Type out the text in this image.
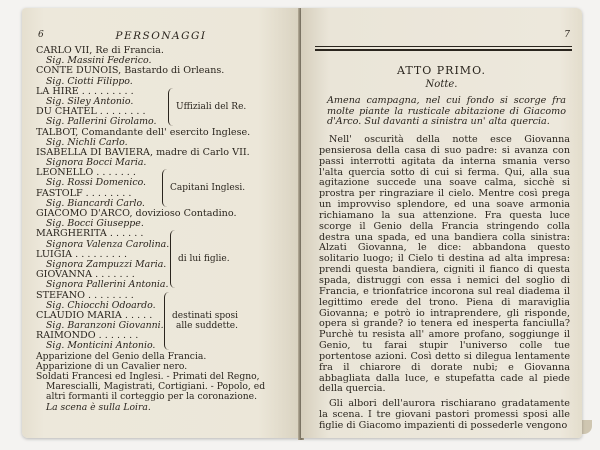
6	PERSONAGGI
CARLO VII, Re di Francia.
Sig. Massini Federico.
CONTE DUNOIS, Bastardo di Orleans.
Sig. Ciotti Filippo.
LA HIRE . . . . . . . . .
Sig. Siley Antonio.
DU CHATEL . . . . . . . .
Sig. Pallerini Girolamo.
Uffiziali del Re.
TALBOT, Comandante dell' esercito Inglese.
Sig. Nichli Carlo.
ISABELLA DI BAVIERA, madre di Carlo VII.
Signora Bocci Maria.
LEONELLO . . . . . . .
Sig. Rossi Domenico.
FASTOLF . . . . . . . .
Sig. Biancardi Carlo.
Capitani Inglesi.
GIACOMO D'ARCO, dovizioso Contadino.
Sig. Bocci Giuseppe.
MARGHERITA . . . . . .
Signora Valenza Carolina.
LUIGIA . . . . . . . . .
Signora Zampuzzi Maria.
GIOVANNA . . . . . . .
Signora Pallerini Antonia.
di lui figlie.
STEFANO . . . . . . . .
Sig. Chiocchi Odoardo.
CLAUDIO MARIA . . . . .
Sig. Baranzoni Giovanni.
RAIMONDO . . . . . . .
Sig. Monticini Antonio.
destinati sposi
alle suddette.
Apparizione del Genio della Francia.
Apparizione di un Cavalier nero.
Soldati Francesi ed Inglesi. - Primati del Regno,
Marescialli, Magistrati, Cortigiani. - Popolo, ed
altri formanti il corteggio per la coronazione.
La scena è sulla Loira.
7
ATTO PRIMO.
Notte.
Amena campagna, nel cui fondo si scorge fra molte piante la rusticale abitazione di Giacomo d'Arco. Sul davanti a sinistra un' alta quercia.

Nell' oscurità della notte esce Giovanna pensierosa della casa di suo padre: si avanza con passi interrotti agitata da interna smania verso l'alta quercia sotto di cui si ferma. Qui, alla sua agitazione succede una soave calma, sicchè si prostra per ringraziare il cielo. Mentre così prega un improvviso splendore, ed una soave armonia richiamano la sua attenzione. Fra questa luce scorge il Genio della Francia stringendo colla destra una spada, ed una bandiera colla sinistra: Alzati Giovanna, le dice: abbandona questo solitario luogo; il Cielo ti destina ad alta impresa: prendi questa bandiera, cigniti il fianco di questa spada, distruggi con essa i nemici del soglio di Francia, e trionfatrice incorona sul real diadema il legittimo erede del trono. Piena di maraviglia Giovanna; e potrò io intraprendere, gli risponde, opera sì grande? io tenera ed inesperta fanciulla? Purchè tu resista all' amore profano, soggiunge il Genio, tu farai stupir l'universo colle tue portentose azioni. Così detto si dilegua lentamente fra il chiarore di dorate nubi; e Giovanna abbagliata dalla luce, e stupefatta cade al piede della quercia.

Gli albori dell'aurora rischiarano gradatamente la scena. I tre giovani pastori promessi sposi alle figlie di Giacomo impazienti di possederle vengono
